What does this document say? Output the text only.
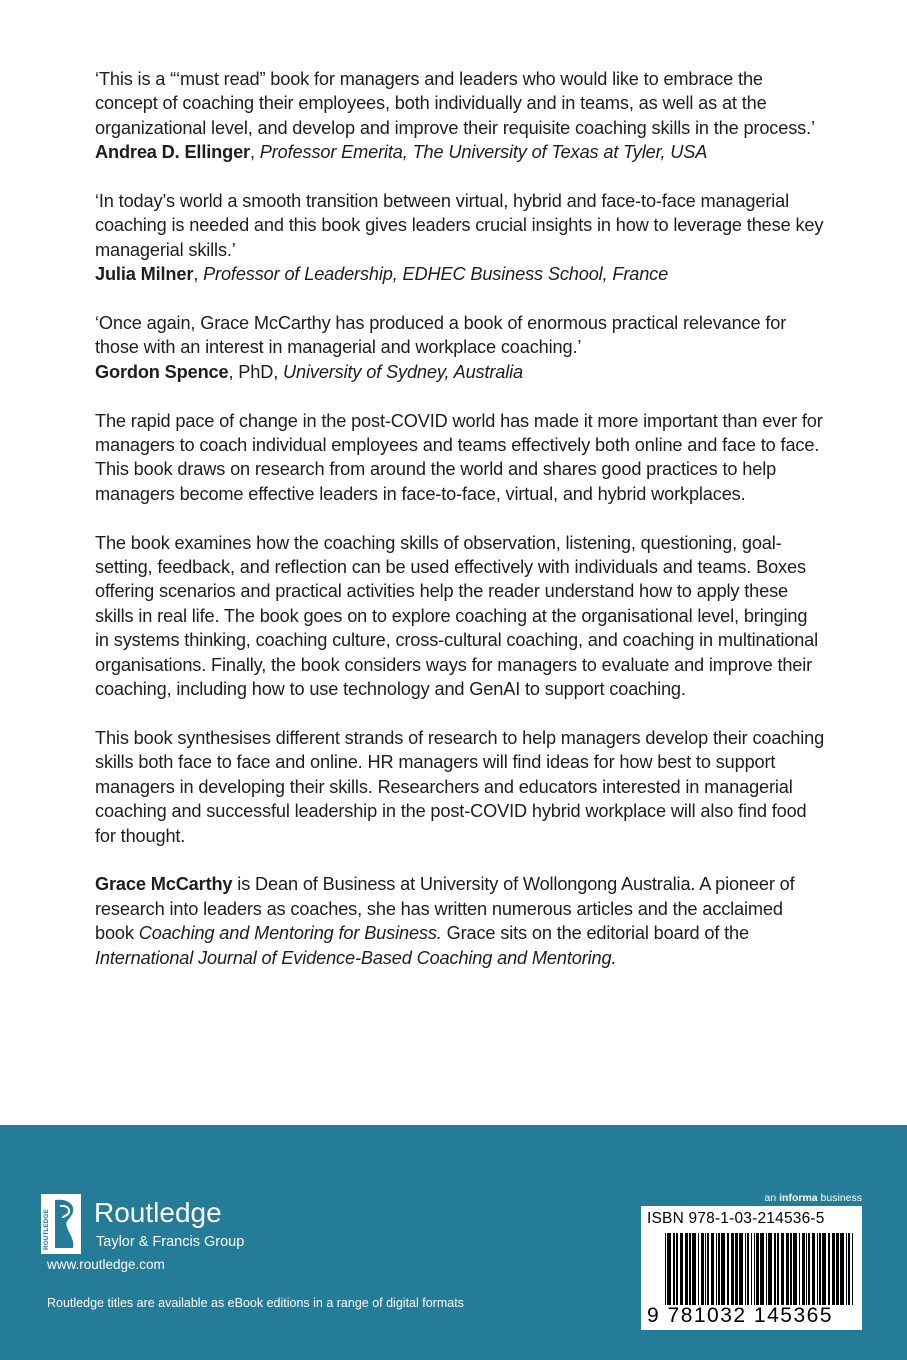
‘This is a “‘must read” book for managers and leaders who would like to embrace the concept of coaching their employees, both individually and in teams, as well as at the organizational level, and develop and improve their requisite coaching skills in the process.’

Andrea D. Ellinger, Professor Emerita, The University of Texas at Tyler, USA

‘In today’s world a smooth transition between virtual, hybrid and face-to-face managerial coaching is needed and this book gives leaders crucial insights in how to leverage these key managerial skills.’

Julia Milner, Professor of Leadership, EDHEC Business School, France

‘Once again, Grace McCarthy has produced a book of enormous practical relevance for those with an interest in managerial and workplace coaching.’

Gordon Spence, PhD, University of Sydney, Australia

The rapid pace of change in the post-COVID world has made it more important than ever for managers to coach individual employees and teams effectively both online and face to face. This book draws on research from around the world and shares good practices to help managers become effective leaders in face-to-face, virtual, and hybrid workplaces.

The book examines how the coaching skills of observation, listening, questioning, goal-setting, feedback, and reflection can be used effectively with individuals and teams. Boxes offering scenarios and practical activities help the reader understand how to apply these skills in real life. The book goes on to explore coaching at the organisational level, bringing in systems thinking, coaching culture, cross-cultural coaching, and coaching in multinational organisations. Finally, the book considers ways for managers to evaluate and improve their coaching, including how to use technology and GenAI to support coaching.

This book synthesises different strands of research to help managers develop their coaching skills both face to face and online. HR managers will find ideas for how best to support managers in developing their skills. Researchers and educators interested in managerial coaching and successful leadership in the post-COVID hybrid workplace will also find food for thought.

Grace McCarthy is Dean of Business at University of Wollongong Australia. A pioneer of research into leaders as coaches, she has written numerous articles and the acclaimed book Coaching and Mentoring for Business. Grace sits on the editorial board of the International Journal of Evidence-Based Coaching and Mentoring.

ROUTLEDGE Routledge
Taylor & Francis Group
www.routledge.com
Routledge titles are available as eBook editions in a range of digital formats
an informa business
ISBN 978-1-03-214536-5
9 781032 145365
